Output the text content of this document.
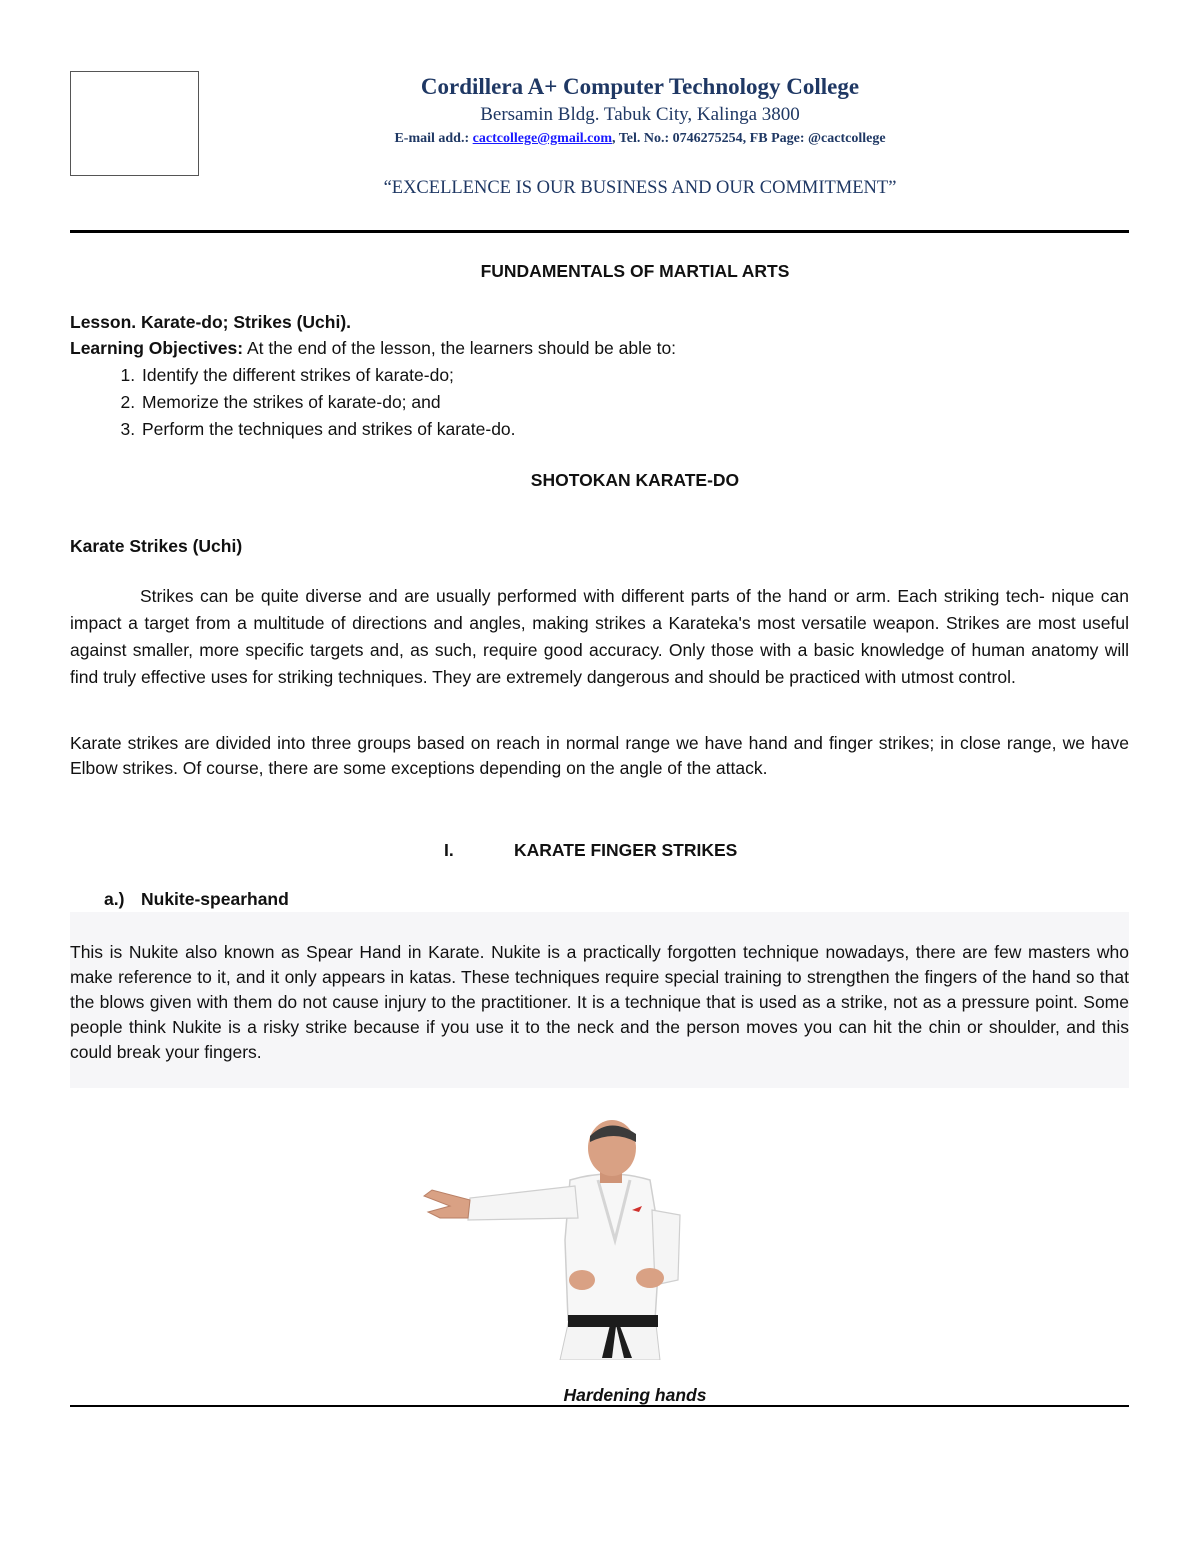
Cordillera A+ Computer Technology College
Bersamin Bldg. Tabuk City, Kalinga 3800
E-mail add.: cactcollege@gmail.com, Tel. No.: 0746275254, FB Page: @cactcollege
“EXCELLENCE IS OUR BUSINESS AND OUR COMMITMENT”
FUNDAMENTALS OF MARTIAL ARTS
Lesson. Karate-do; Strikes (Uchi).
Learning Objectives: At the end of the lesson, the learners should be able to:
1. Identify the different strikes of karate-do;
2. Memorize the strikes of karate-do; and
3. Perform the techniques and strikes of karate-do.
SHOTOKAN KARATE-DO
Karate Strikes (Uchi)
Strikes can be quite diverse and are usually performed with different parts of the hand or arm. Each striking tech- nique can impact a target from a multitude of directions and angles, making strikes a Karateka's most versatile weapon. Strikes are most useful against smaller, more specific targets and, as such, require good accuracy. Only those with a basic knowledge of human anatomy will find truly effective uses for striking techniques. They are extremely dangerous and should be practiced with utmost control.
Karate strikes are divided into three groups based on reach in normal range we have hand and finger strikes; in close range, we have Elbow strikes. Of course, there are some exceptions depending on the angle of the attack.
I.	KARATE FINGER STRIKES
a.) Nukite-spearhand
This is Nukite also known as Spear Hand in Karate. Nukite is a practically forgotten technique nowadays, there are few masters who make reference to it, and it only appears in katas. These techniques require special training to strengthen the fingers of the hand so that the blows given with them do not cause injury to the practitioner. It is a technique that is used as a strike, not as a pressure point. Some people think Nukite is a risky strike because if you use it to the neck and the person moves you can hit the chin or shoulder, and this could break your fingers.
Hardening hands
